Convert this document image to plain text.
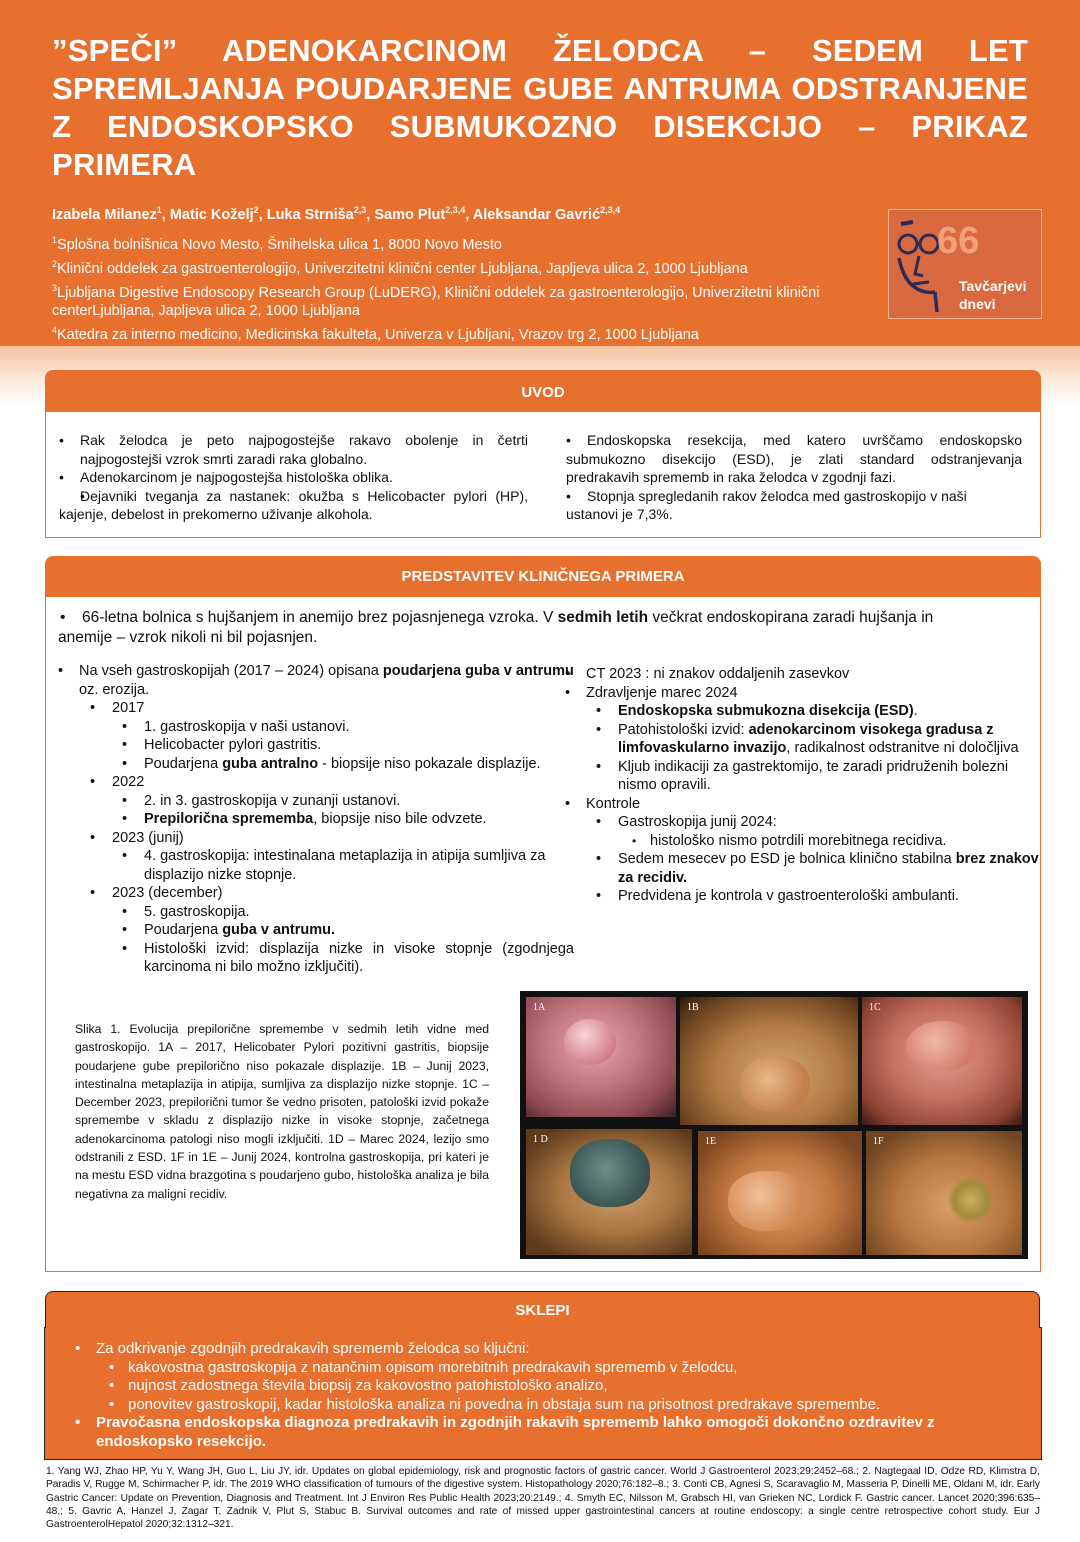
”SPEČI” ADENOKARCINOM ŽELODCA – SEDEM LET SPREMLJANJA POUDARJENE GUBE ANTRUMA ODSTRANJENE Z ENDOSKOPSKO SUBMUKOZNO DISEKCIJO – PRIKAZ PRIMERA
Izabela Milanez$^1$, Matic Koželj$^2$, Luka Strniša$^{2,3}$, Samo Plut$^{2,3,4}$, Aleksandar Gavrić$^{2,3,4}$
$^1$Splošna bolnišnica Novo Mesto, Šmihelska ulica 1, 8000 Novo Mesto
$^2$Klinični oddelek za gastroenterologijo, Univerzitetni klinični center Ljubljana, Japljeva ulica 2, 1000 Ljubljana
$^3$Ljubljana Digestive Endoscopy Research Group (LuDERG), Klinični oddelek za gastroenterologijo, Univerzitetni klinični centerLjubljana, Japljeva ulica 2, 1000 Ljubljana
$^4$Katedra za interno medicino, Medicinska fakulteta, Univerza v Ljubljani, Vrazov trg 2, 1000 Ljubljana
66
Tavčarjevi
dnevi
UVOD
• Rak želodca je peto najpogostejše rakavo obolenje in četrti najpogostejši vzrok smrti zaradi raka globalno.
• Adenokarcinom je najpogostejša histološka oblika.
• Dejavniki tveganja za nastanek: okužba s Helicobacter pylori (HP), kajenje, debelost in prekomerno uživanje alkohola.
• Endoskopska resekcija, med katero uvrščamo endoskopsko submukozno disekcijo (ESD), je zlati standard odstranjevanja predrakavih sprememb in raka želodca v zgodnji fazi.
• Stopnja spregledanih rakov želodca med gastroskopijo v naši ustanovi je 7,3%.
PREDSTAVITEV KLINIČNEGA PRIMERA
• 66-letna bolnica s hujšanjem in anemijo brez pojasnjenega vzroka. V sedmih letih večkrat endoskopirana zaradi hujšanja in anemije – vzrok nikoli ni bil pojasnjen.
• Na vseh gastroskopijah (2017 – 2024) opisana poudarjena guba v antrumu oz. erozija.
• 2017
• 1. gastroskopija v naši ustanovi.
• Helicobacter pylori gastritis.
• Poudarjena guba antralno - biopsije niso pokazale displazije.
• 2022
• 2. in 3. gastroskopija v zunanji ustanovi.
• Prepilorična sprememba, biopsije niso bile odvzete.
• 2023 (junij)
• 4. gastroskopija: intestinalana metaplazija in atipija sumljiva za displazijo nizke stopnje.
• 2023 (december)
• 5. gastroskopija.
• Poudarjena guba v antrumu.
• Histološki izvid: displazija nizke in visoke stopnje (zgodnjega karcinoma ni bilo možno izključiti).
• CT 2023 : ni znakov oddaljenih zasevkov
• Zdravljenje marec 2024
• Endoskopska submukozna disekcija (ESD).
• Patohistološki izvid: adenokarcinom visokega gradusa z limfovaskularno invazijo, radikalnost odstranitve ni določljiva
• Kljub indikaciji za gastrektomijo, te zaradi pridruženih bolezni nismo opravili.
• Kontrole
• Gastroskopija junij 2024:
• histološko nismo potrdili morebitnega recidiva.
• Sedem mesecev po ESD je bolnica klinično stabilna brez znakov za recidiv.
• Predvidena je kontrola v gastroenterološki ambulanti.
Slika 1. Evolucija prepilorične spremembe v sedmih letih vidne med gastroskopijo. 1A – 2017, Helicobater Pylori pozitivni gastritis, biopsije poudarjene gube prepilorično niso pokazale displazije. 1B – Junij 2023, intestinalna metaplazija in atipija, sumljiva za displazijo nizke stopnje. 1C – December 2023, prepilorični tumor še vedno prisoten, patološki izvid pokaže spremembe v skladu z displazijo nizke in visoke stopnje, začetnega adenokarcinoma patologi niso mogli izključiti. 1D – Marec 2024, lezijo smo odstranili z ESD. 1F in 1E – Junij 2024, kontrolna gastroskopija, pri kateri je na mestu ESD vidna brazgotina s poudarjeno gubo, histološka analiza je bila negativna za maligni recidiv.
1A	1B	1C
1 D	1E	1F
SKLEPI
• Za odkrivanje zgodnjih predrakavih sprememb želodca so ključni:
• kakovostna gastroskopija z natančnim opisom morebitnih predrakavih sprememb v želodcu,
• nujnost zadostnega števila biopsij za kakovostno patohistološko analizo,
• ponovitev gastroskopij, kadar histološka analiza ni povedna in obstaja sum na prisotnost predrakave spremembe.
• Pravočasna endoskopska diagnoza predrakavih in zgodnjih rakavih sprememb lahko omogoči dokončno ozdravitev z endoskopsko resekcijo.
1. Yang WJ, Zhao HP, Yu Y, Wang JH, Guo L, Liu JY, idr. Updates on global epidemiology, risk and prognostic factors of gastric cancer. World J Gastroenterol 2023;29:2452–68.; 2. Nagtegaal ID, Odze RD, Klimstra D, Paradis V, Rugge M, Schirmacher P, idr. The 2019 WHO classification of tumours of the digestive system. Histopathology 2020;76:182–8.; 3. Conti CB, Agnesi S, Scaravaglio M, Masseria P, Dinelli ME, Oldani M, idr. Early Gastric Cancer: Update on Prevention, Diagnosis and Treatment. Int J Environ Res Public Health 2023;20:2149.; 4. Smyth EC, Nilsson M, Grabsch HI, van Grieken NC, Lordick F. Gastric cancer. Lancet 2020;396:635–48.; 5. Gavric A, Hanzel J, Zagar T, Zadnik V, Plut S, Stabuc B. Survival outcomes and rate of missed upper gastrointestinal cancers at routine endoscopy: a single centre retrospective cohort study. Eur J GastroenterolHepatol 2020;32:1312–321.
